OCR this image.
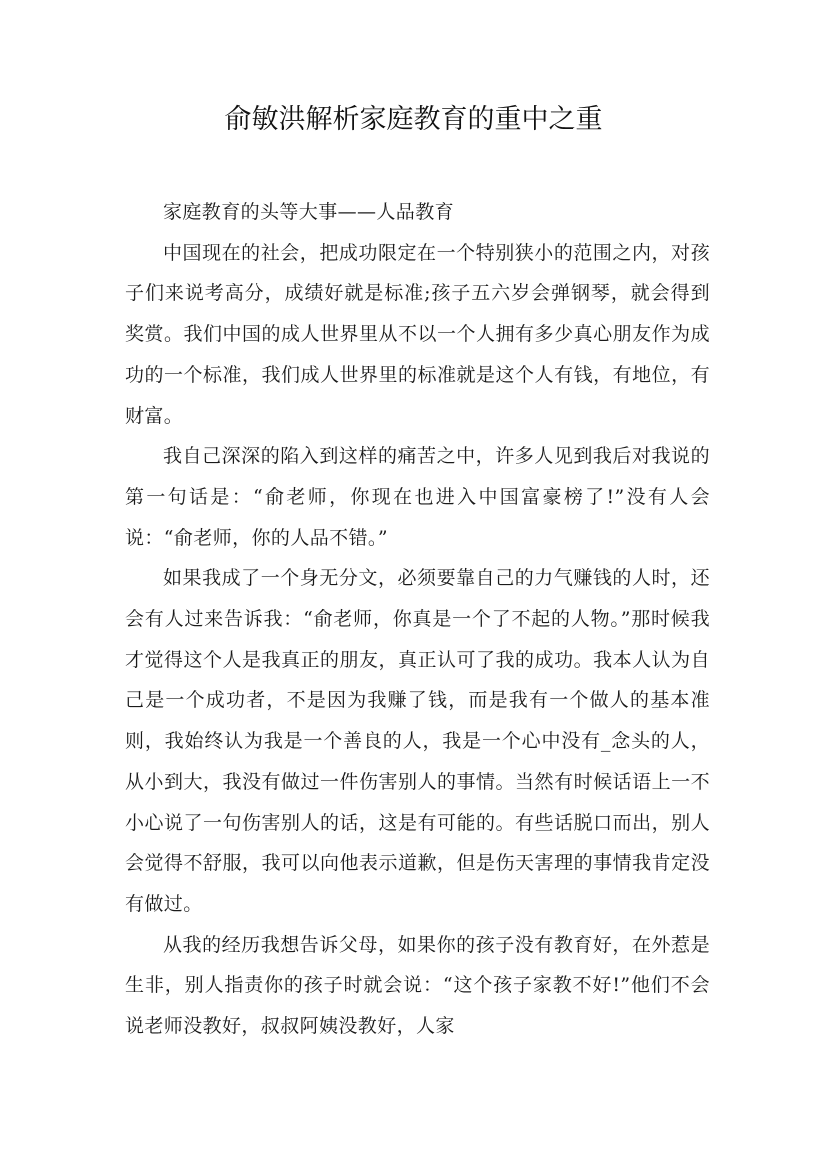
俞敏洪解析家庭教育的重中之重

家庭教育的头等大事——人品教育

中国现在的社会，把成功限定在一个特别狭小的范围之内，对孩子们来说考高分，成绩好就是标准;孩子五六岁会弹钢琴，就会得到奖赏。我们中国的成人世界里从不以一个人拥有多少真心朋友作为成功的一个标准，我们成人世界里的标准就是这个人有钱，有地位，有财富。

我自己深深的陷入到这样的痛苦之中，许多人见到我后对我说的第一句话是：“俞老师，你现在也进入中国富豪榜了!”没有人会说：“俞老师，你的人品不错。”

如果我成了一个身无分文，必须要靠自己的力气赚钱的人时，还会有人过来告诉我：“俞老师，你真是一个了不起的人物。”那时候我才觉得这个人是我真正的朋友，真正认可了我的成功。我本人认为自己是一个成功者，不是因为我赚了钱，而是我有一个做人的基本准则，我始终认为我是一个善良的人，我是一个心中没有_念头的人，从小到大，我没有做过一件伤害别人的事情。当然有时候话语上一不小心说了一句伤害别人的话，这是有可能的。有些话脱口而出，别人会觉得不舒服，我可以向他表示道歉，但是伤天害理的事情我肯定没有做过。

从我的经历我想告诉父母，如果你的孩子没有教育好，在外惹是生非，别人指责你的孩子时就会说：“这个孩子家教不好!”他们不会说老师没教好，叔叔阿姨没教好，人家
